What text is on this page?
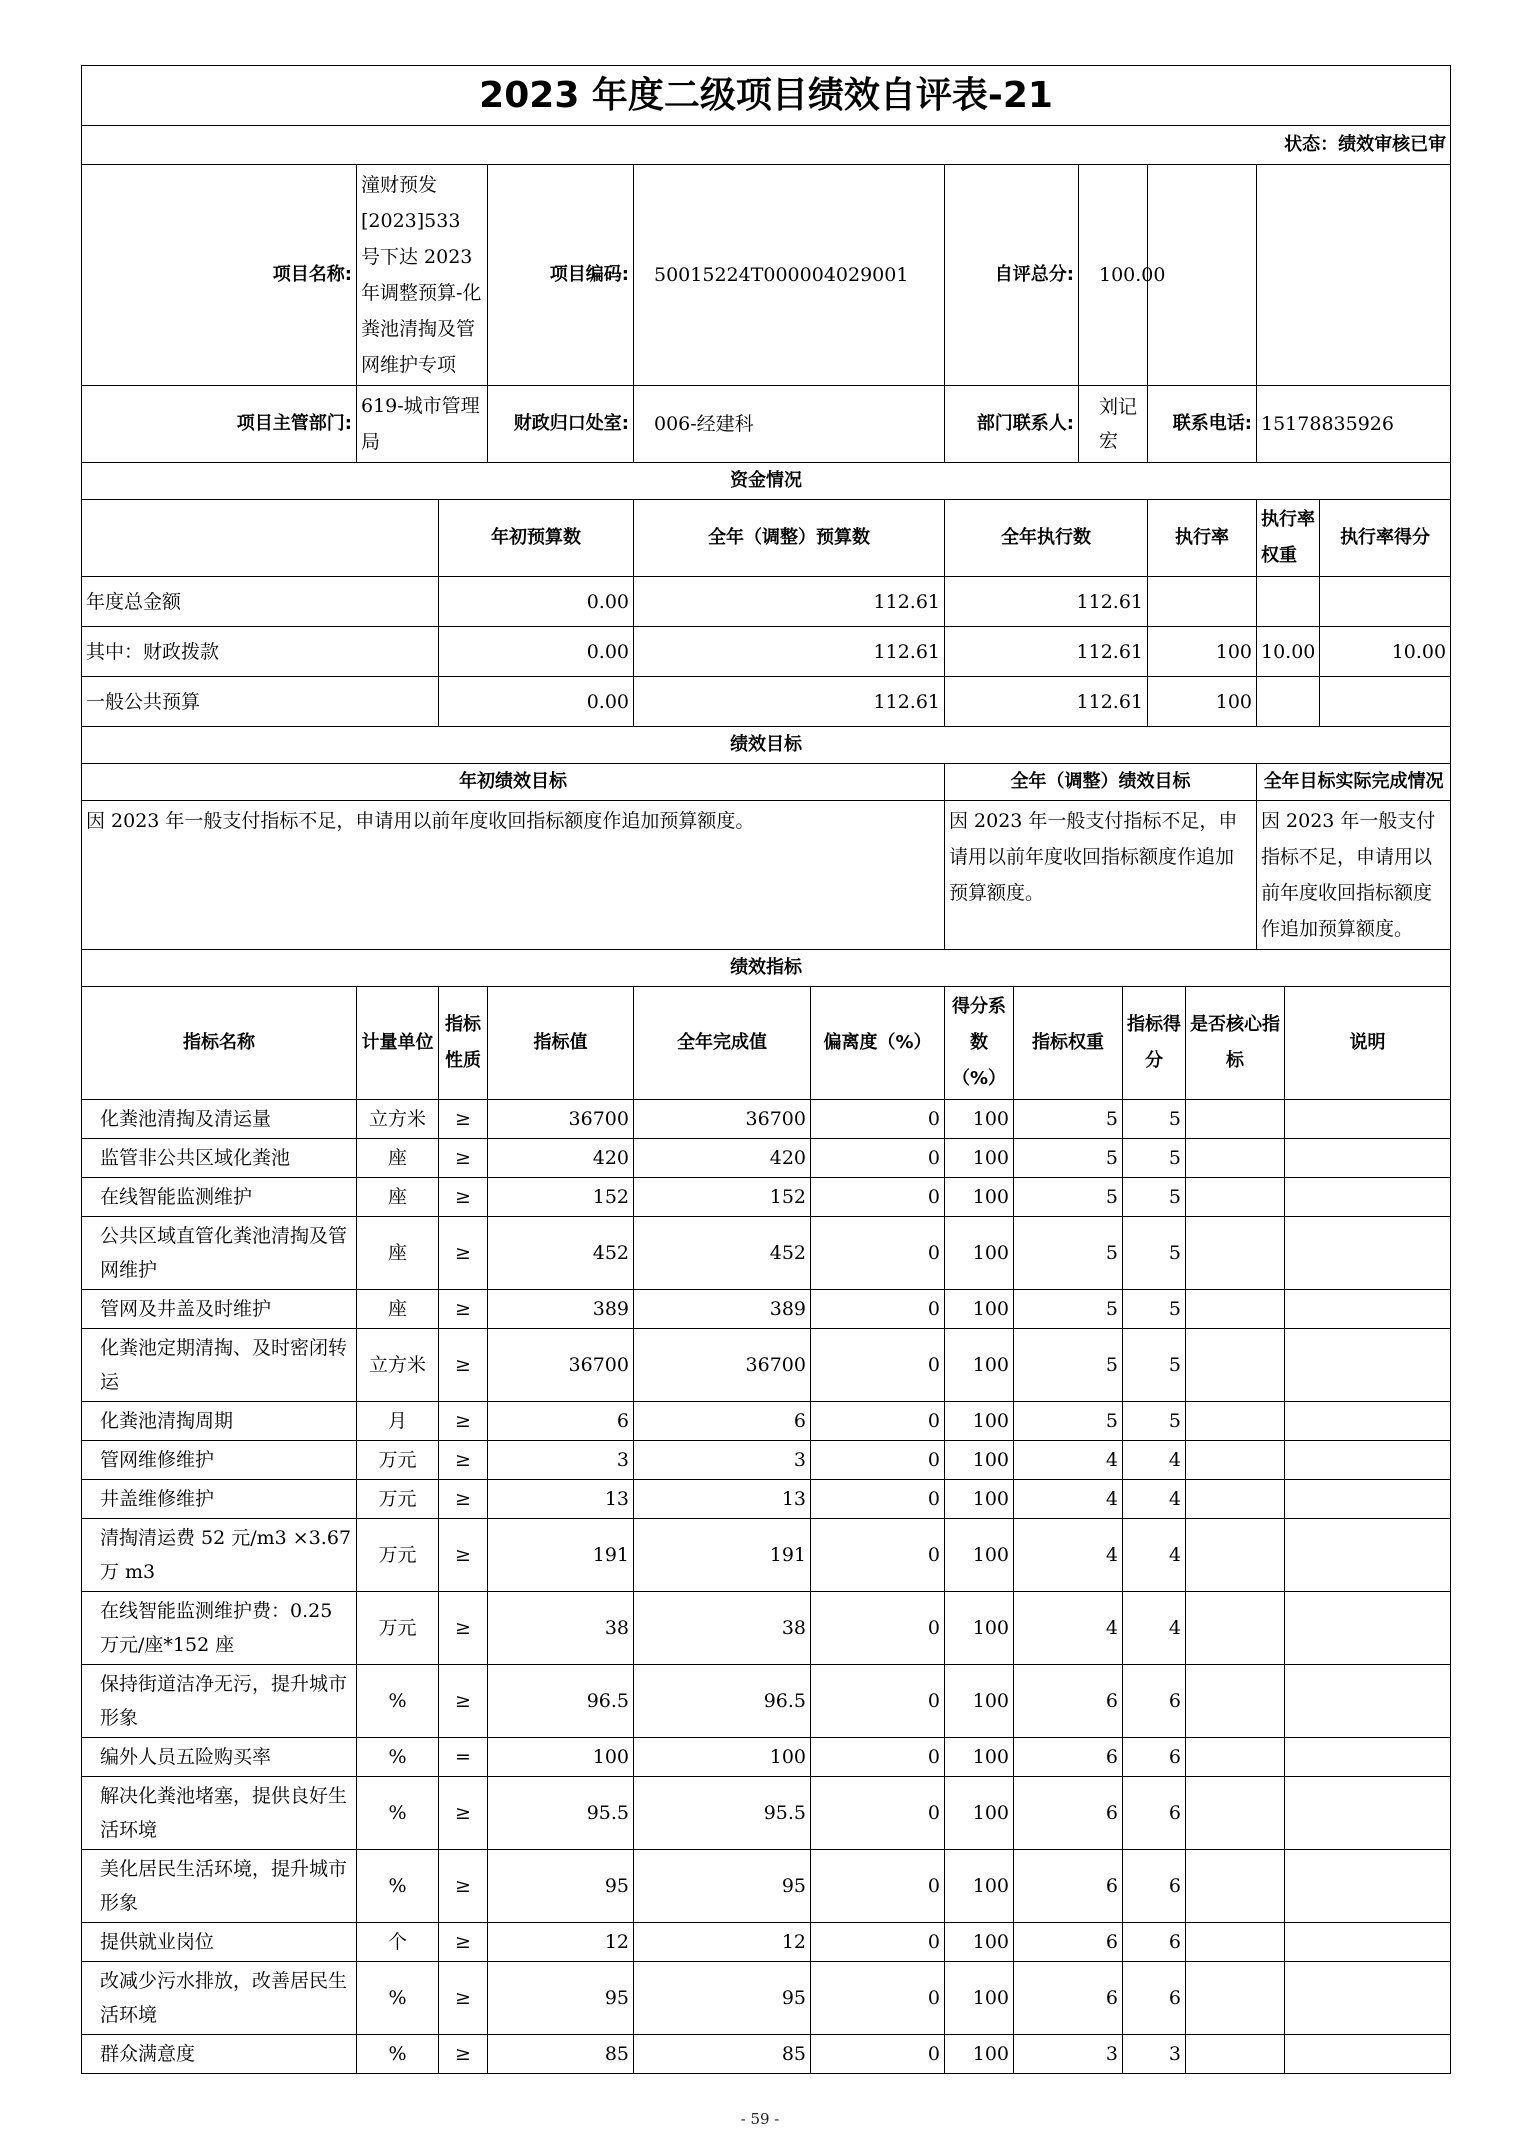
2023 年度二级项目绩效自评表-21									
状态：绩效审核已审									
项目名称:	潼财预发[2023]533 号下达 2023 年调整预算-化粪池清掏及管网维护专项		项目编码:	50015224T000004029001	自评总分:	100.00			
项目主管部门:	619-城市管理局		财政归口处室:	006-经建科	部门联系人:	刘记宏	联系电话:	15178835926	
资金情况									
		年初预算数		全年（调整）预算数	全年执行数		执行率	执行率权重	执行率得分
年度总金额		0.00		112.61	112.61				
其中：财政拨款		0.00		112.61	112.61		100	10.00	10.00
一般公共预算		0.00		112.61	112.61		100		
绩效目标									
年初绩效目标					全年（调整）绩效目标			全年目标实际完成情况	
因 2023 年一般支付指标不足，申请用以前年度收回指标额度作追加预算额度。					因 2023 年一般支付指标不足，申请用以前年度收回指标额度作追加预算额度。			因 2023 年一般支付指标不足，申请用以前年度收回指标额度作追加预算额度。	
绩效指标									
指标名称	计量单位	指标性质	指标值	全年完成值	偏离度（%）	得分系数（%）	指标权重	指标得分	是否核心指标	说明
化粪池清掏及清运量	立方米	≥	36700	36700	0	100	5	5		
监管非公共区域化粪池	座	≥	420	420	0	100	5	5		
在线智能监测维护	座	≥	152	152	0	100	5	5		
公共区域直管化粪池清掏及管网维护	座	≥	452	452	0	100	5	5		
管网及井盖及时维护	座	≥	389	389	0	100	5	5		
化粪池定期清掏、及时密闭转运	立方米	≥	36700	36700	0	100	5	5		
化粪池清掏周期	月	≥	6	6	0	100	5	5		
管网维修维护	万元	≥	3	3	0	100	4	4		
井盖维修维护	万元	≥	13	13	0	100	4	4		
清掏清运费 52 元/m3 ×3.67 万 m3	万元	≥	191	191	0	100	4	4		
在线智能监测维护费：0.25 万元/座*152 座	万元	≥	38	38	0	100	4	4		
保持街道洁净无污，提升城市形象	%	≥	96.5	96.5	0	100	6	6		
编外人员五险购买率	%	=	100	100	0	100	6	6		
解决化粪池堵塞，提供良好生活环境	%	≥	95.5	95.5	0	100	6	6		
美化居民生活环境，提升城市形象	%	≥	95	95	0	100	6	6		
提供就业岗位	个	≥	12	12	0	100	6	6		
改减少污水排放，改善居民生活环境	%	≥	95	95	0	100	6	6		
群众满意度	%	≥	85	85	0	100	3	3		
- 59 -
